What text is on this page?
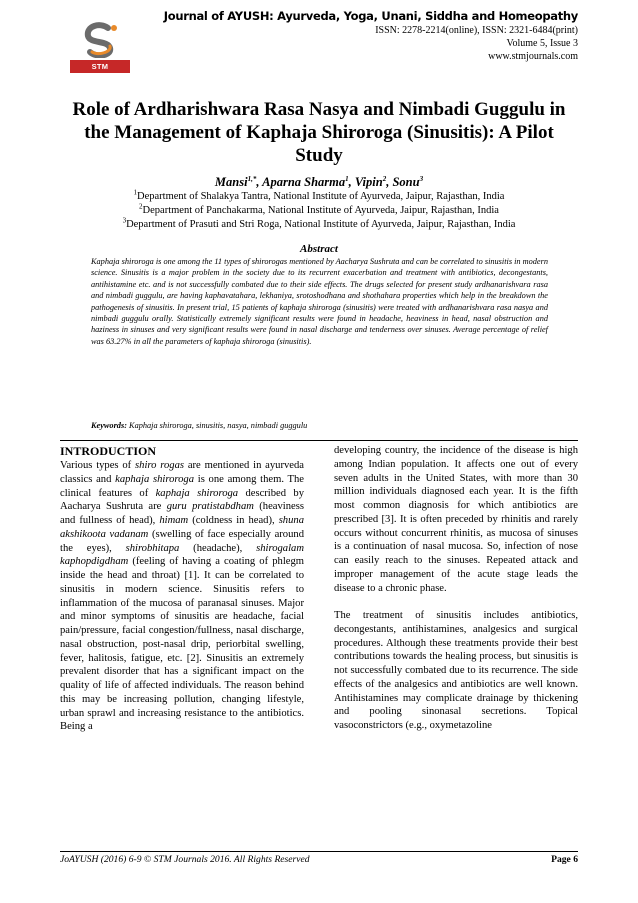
STM JOURNALS
Journal of AYUSH: Ayurveda, Yoga, Unani, Siddha and Homeopathy
ISSN: 2278-2214(online), ISSN: 2321-6484(print)
Volume 5, Issue 3
www.stmjournals.com
Role of Ardharishwara Rasa Nasya and Nimbadi Guggulu in the Management of Kaphaja Shiroroga (Sinusitis): A Pilot Study
Mansi$^{1,*}$, Aparna Sharma$^1$, Vipin$^2$, Sonu$^3$
$^1$Department of Shalakya Tantra, National Institute of Ayurveda, Jaipur, Rajasthan, India
$^2$Department of Panchakarma, National Institute of Ayurveda, Jaipur, Rajasthan, India
$^3$Department of Prasuti and Stri Roga, National Institute of Ayurveda, Jaipur, Rajasthan, India
Abstract

Kaphaja shiroroga is one among the 11 types of shirorogas mentioned by Aacharya Sushruta and can be correlated to sinusitis in modern science. Sinusitis is a major problem in the society due to its recurrent exacerbation and treatment with antibiotics, decongestants, antihistamine etc. and is not successfully combated due to their side effects. The drugs selected for present study ardhanarishvara rasa and nimbadi guggulu, are having kaphavatahara, lekhaniya, srotoshodhana and shothahara properties which help in the breakdown the pathogenesis of sinusitis. In present trial, 15 patients of kaphaja shiroroga (sinusitis) were treated with ardhanarishvara rasa nasya and nimbadi guggulu orally. Statistically extremely significant results were found in headache, heaviness in head, nasal obstruction and haziness in sinuses and very significant results were found in nasal discharge and tenderness over sinuses. Average percentage of relief was 63.27% in all the parameters of kaphaja shiroroga (sinusitis).

Keywords: Kaphaja shiroroga, sinusitis, nasya, nimbadi guggulu

INTRODUCTION

Various types of shiro rogas are mentioned in ayurveda classics and kaphaja shiroroga is one among them. The clinical features of kaphaja shiroroga described by Aacharya Sushruta are guru pratistabdham (heaviness and fullness of head), himam (coldness in head), shuna akshikoota vadanam (swelling of face especially around the eyes), shirobhitapa (headache), shirogalam kaphopdigdham (feeling of having a coating of phlegm inside the head and throat) [1]. It can be correlated to sinusitis in modern science. Sinusitis refers to inflammation of the mucosa of paranasal sinuses. Major and minor symptoms of sinusitis are headache, facial pain/pressure, facial congestion/fullness, nasal discharge, nasal obstruction, post-nasal drip, periorbital swelling, fever, halitosis, fatigue, etc. [2]. Sinusitis an extremely prevalent disorder that has a significant impact on the quality of life of affected individuals. The reason behind this may be increasing pollution, changing lifestyle, urban sprawl and increasing resistance to the antibiotics. Being a

developing country, the incidence of the disease is high among Indian population. It affects one out of every seven adults in the United States, with more than 30 million individuals diagnosed each year. It is the fifth most common diagnosis for which antibiotics are prescribed [3]. It is often preceded by rhinitis and rarely occurs without concurrent rhinitis, as mucosa of sinuses is a continuation of nasal mucosa. So, infection of nose can easily reach to the sinuses. Repeated attack and improper management of the acute stage leads the disease to a chronic phase.

The treatment of sinusitis includes antibiotics, decongestants, antihistamines, analgesics and surgical procedures. Although these treatments provide their best contributions towards the healing process, but sinusitis is not successfully combated due to its recurrence. The side effects of the analgesics and antibiotics are well known. Antihistamines may complicate drainage by thickening and pooling sinonasal secretions. Topical vasoconstrictors (e.g., oxymetazoline

JoAYUSH (2016) 6-9 © STM Journals 2016. All Rights Reserved	Page 6
